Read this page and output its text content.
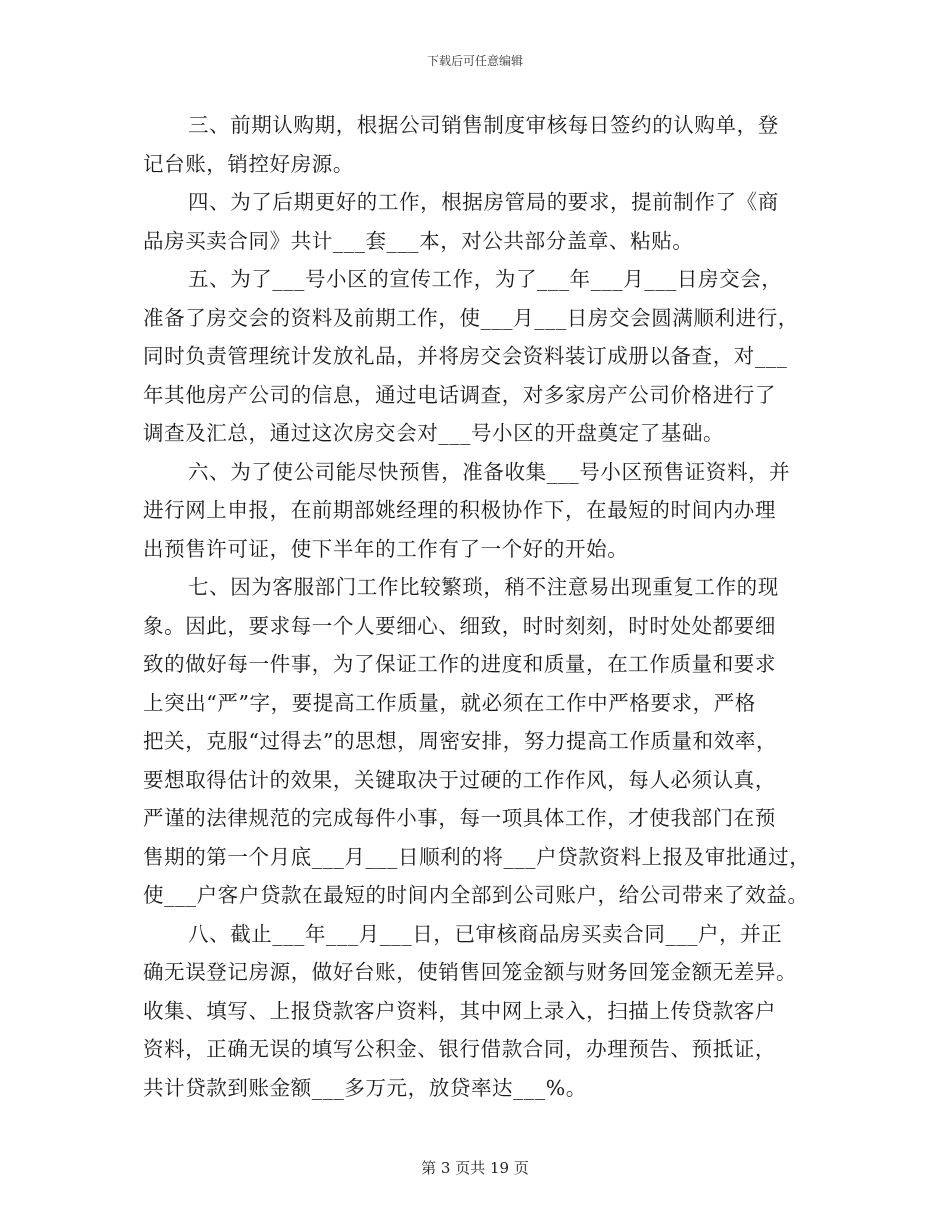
下载后可任意编辑
三、前期认购期，根据公司销售制度审核每日签约的认购单，登
记台账，销控好房源。
四、为了后期更好的工作，根据房管局的要求，提前制作了《商
品房买卖合同》共计___套___本，对公共部分盖章、粘贴。
五、为了___号小区的宣传工作，为了___年___月___日房交会，
准备了房交会的资料及前期工作，使___月___日房交会圆满顺利进行，
同时负责管理统计发放礼品，并将房交会资料装订成册以备查，对___
年其他房产公司的信息，通过电话调查，对多家房产公司价格进行了
调查及汇总，通过这次房交会对___号小区的开盘奠定了基础。
六、为了使公司能尽快预售，准备收集___号小区预售证资料，并
进行网上申报，在前期部姚经理的积极协作下，在最短的时间内办理
出预售许可证，使下半年的工作有了一个好的开始。
七、因为客服部门工作比较繁琐，稍不注意易出现重复工作的现
象。因此，要求每一个人要细心、细致，时时刻刻，时时处处都要细
致的做好每一件事，为了保证工作的进度和质量，在工作质量和要求
上突出“严”字，要提高工作质量，就必须在工作中严格要求，严格
把关，克服“过得去”的思想，周密安排，努力提高工作质量和效率，
要想取得估计的效果，关键取决于过硬的工作作风，每人必须认真，
严谨的法律规范的完成每件小事，每一项具体工作，才使我部门在预
售期的第一个月底___月___日顺利的将___户贷款资料上报及审批通过，
使___户客户贷款在最短的时间内全部到公司账户，给公司带来了效益。
八、截止___年___月___日，已审核商品房买卖合同___户，并正
确无误登记房源，做好台账，使销售回笼金额与财务回笼金额无差异。
收集、填写、上报贷款客户资料，其中网上录入，扫描上传贷款客户
资料，正确无误的填写公积金、银行借款合同，办理预告、预抵证，
共计贷款到账金额___多万元，放贷率达___%。
第 3 页共 19 页
